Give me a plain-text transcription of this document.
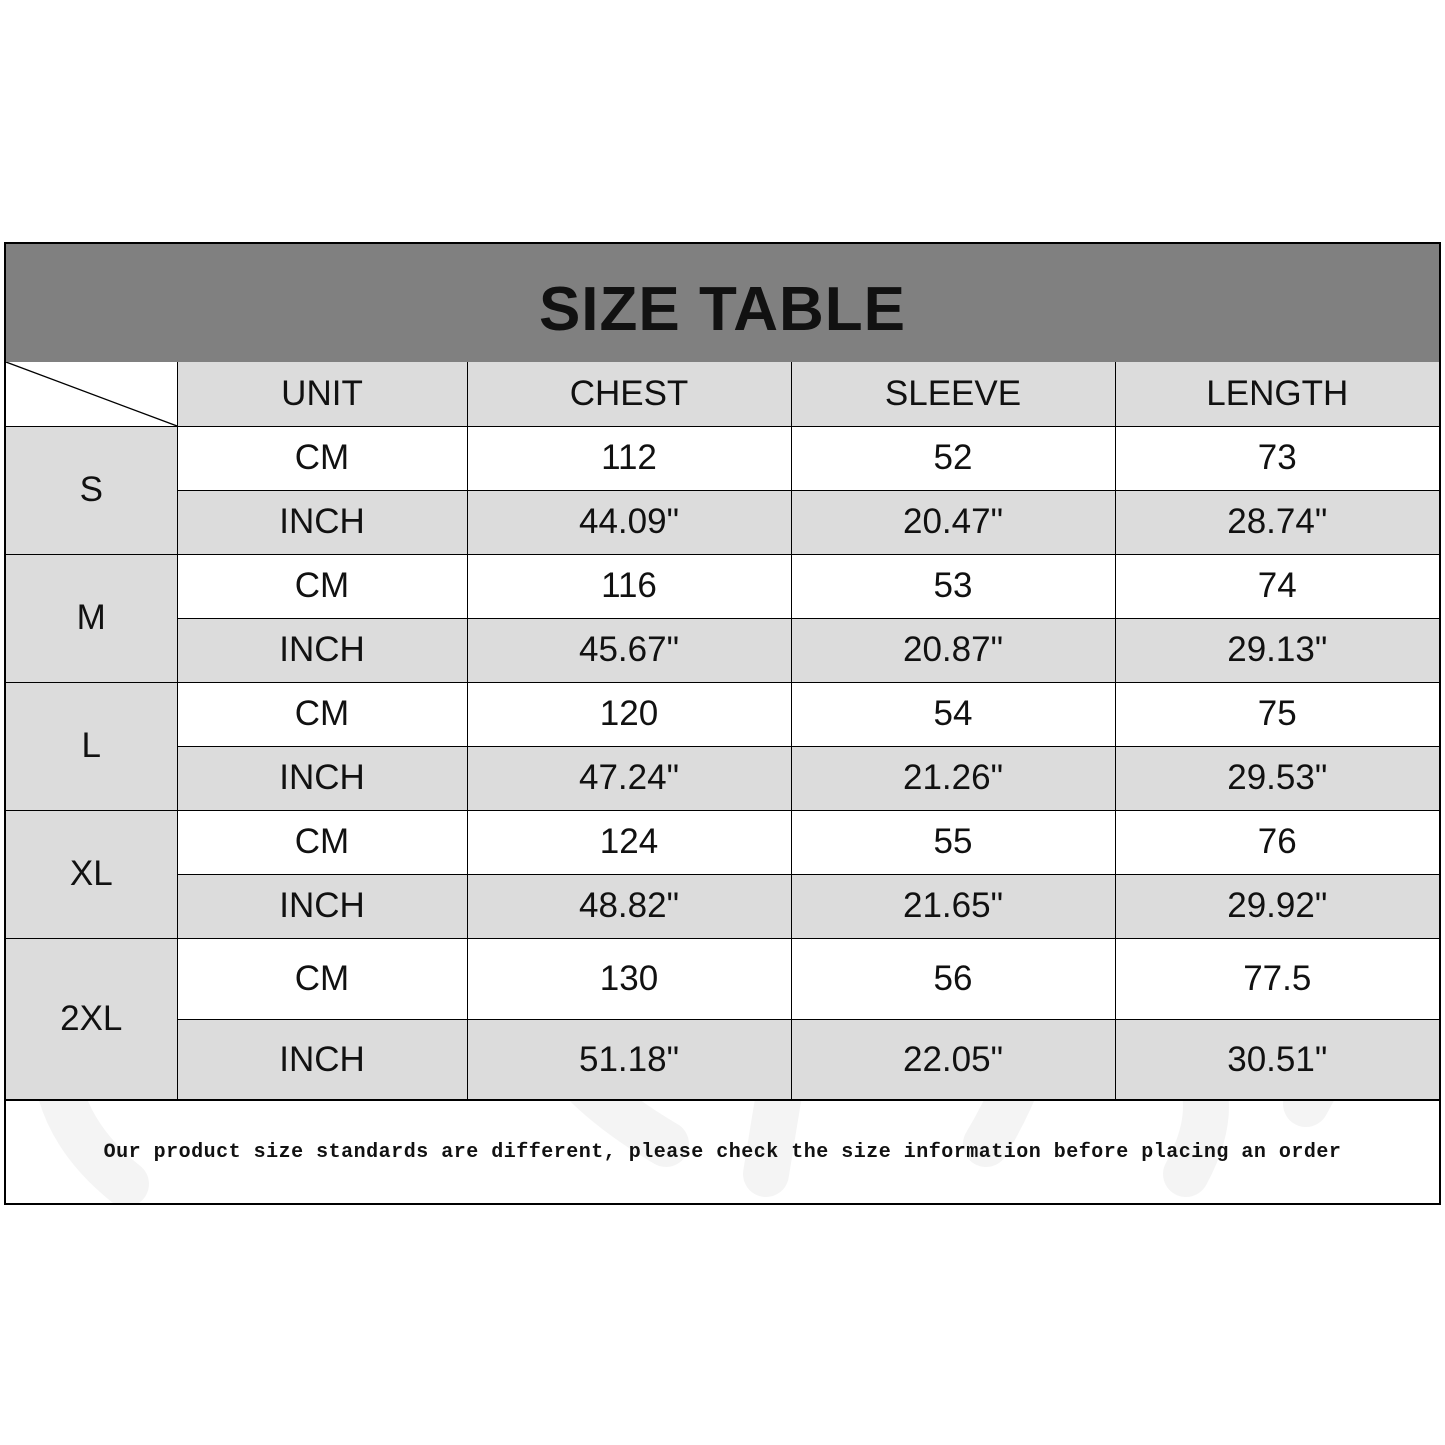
SIZE TABLE
	UNIT	CHEST	SLEEVE	LENGTH
S	CM	112	52	73
	INCH	44.09"	20.47"	28.74"
M	CM	116	53	74
	INCH	45.67"	20.87"	29.13"
L	CM	120	54	75
	INCH	47.24"	21.26"	29.53"
XL	CM	124	55	76
	INCH	48.82"	21.65"	29.92"
2XL	CM	130	56	77.5
	INCH	51.18"	22.05"	30.51"
Our product size standards are different, please check the size information before placing an order
